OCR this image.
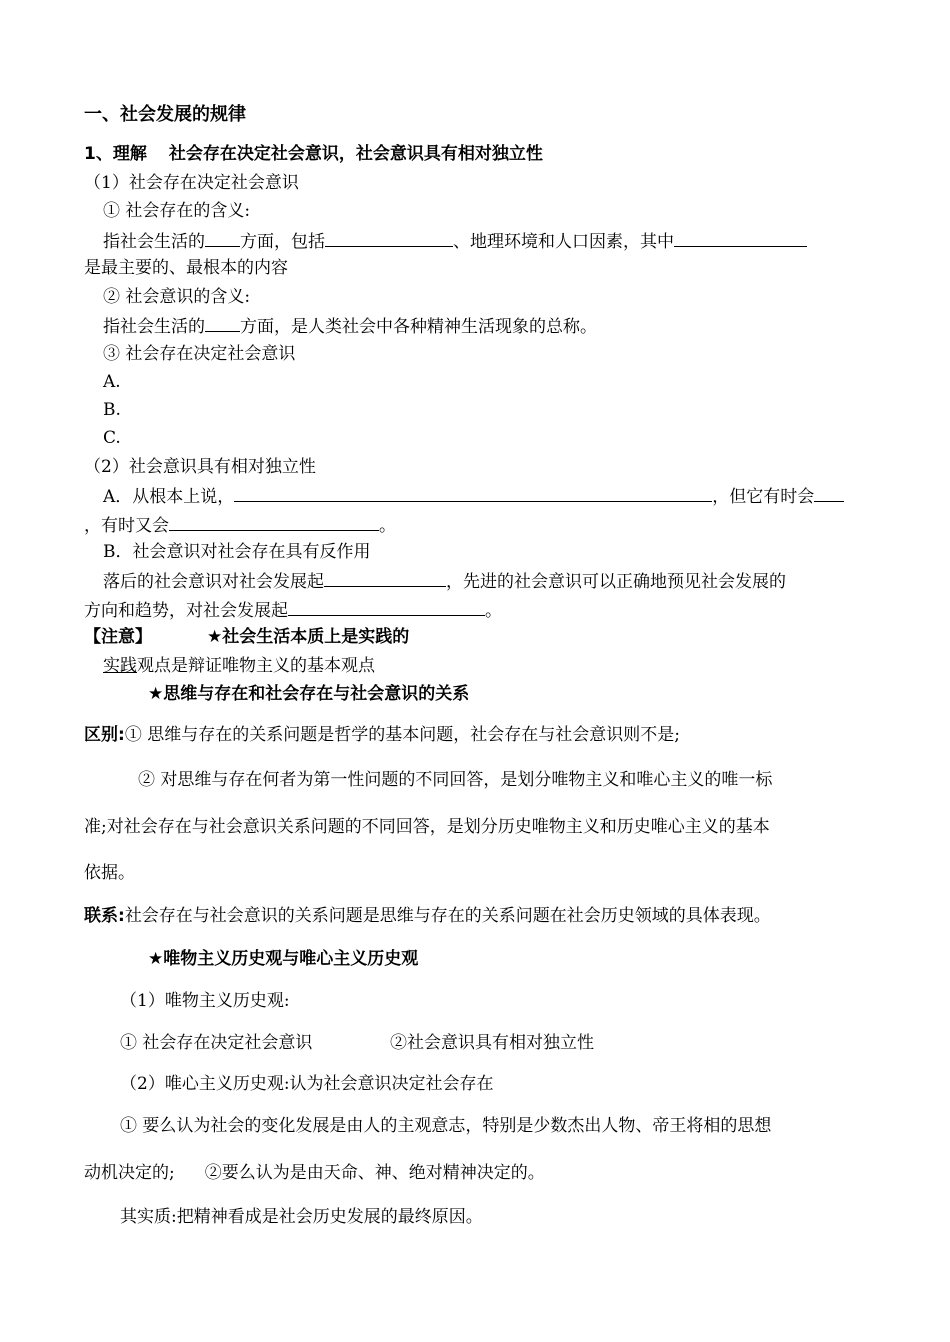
一、社会发展的规律
1、理解 社会存在决定社会意识，社会意识具有相对独立性
（1）社会存在决定社会意识
① 社会存在的含义:
指社会生活的 方面，包括	、地理环境和人口因素，其中
是最主要的、最根本的内容
② 社会意识的含义:
指社会生活的 方面，是人类社会中各种精神生活现象的总称。
③ 社会存在决定社会意识
A.
B.
C.
（2）社会意识具有相对独立性
A．从根本上说，	，但它有时会
，有时又会	。
B．社会意识对社会存在具有反作用
落后的社会意识对社会发展起	，先进的社会意识可以正确地预见社会发展的
方向和趋势，对社会发展起	。
【注意】	★社会生活本质上是实践的
实践观点是辩证唯物主义的基本观点
★思维与存在和社会存在与社会意识的关系
区别:① 思维与存在的关系问题是哲学的基本问题，社会存在与社会意识则不是;
② 对思维与存在何者为第一性问题的不同回答，是划分唯物主义和唯心主义的唯一标
准;对社会存在与社会意识关系问题的不同回答，是划分历史唯物主义和历史唯心主义的基本
依据。
联系:社会存在与社会意识的关系问题是思维与存在的关系问题在社会历史领域的具体表现。
★唯物主义历史观与唯心主义历史观
（1）唯物主义历史观:
① 社会存在决定社会意识	②社会意识具有相对独立性
（2）唯心主义历史观:认为社会意识决定社会存在
① 要么认为社会的变化发展是由人的主观意志，特别是少数杰出人物、帝王将相的思想
动机决定的; ②要么认为是由天命、神、绝对精神决定的。
其实质:把精神看成是社会历史发展的最终原因。
